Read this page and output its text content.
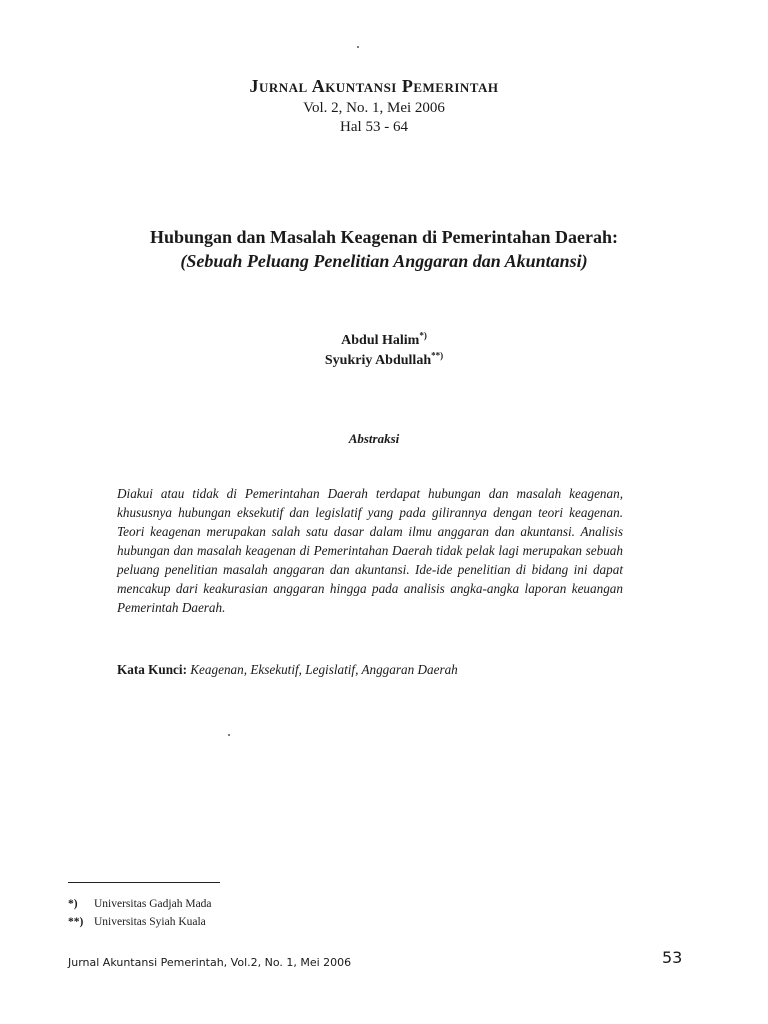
Jurnal Akuntansi Pemerintah
Vol. 2, No. 1, Mei 2006
Hal 53 - 64
Hubungan dan Masalah Keagenan di Pemerintahan Daerah:
(Sebuah Peluang Penelitian Anggaran dan Akuntansi)
Abdul Halim*)
Syukriy Abdullah**)
Abstraksi
Diakui atau tidak di Pemerintahan Daerah terdapat hubungan dan masalah keagenan, khususnya hubungan eksekutif dan legislatif yang pada gilirannya dengan teori keagenan. Teori keagenan merupakan salah satu dasar dalam ilmu anggaran dan akuntansi. Analisis hubungan dan masalah keagenan di Pemerintahan Daerah tidak pelak lagi merupakan sebuah peluang penelitian masalah anggaran dan akuntansi. Ide-ide penelitian di bidang ini dapat mencakup dari keakurasian anggaran hingga pada analisis angka-angka laporan keuangan Pemerintah Daerah.
Kata Kunci: Keagenan, Eksekutif, Legislatif, Anggaran Daerah
*) Universitas Gadjah Mada
**) Universitas Syiah Kuala
Jurnal Akuntansi Pemerintah, Vol.2, No. 1, Mei 2006	53
